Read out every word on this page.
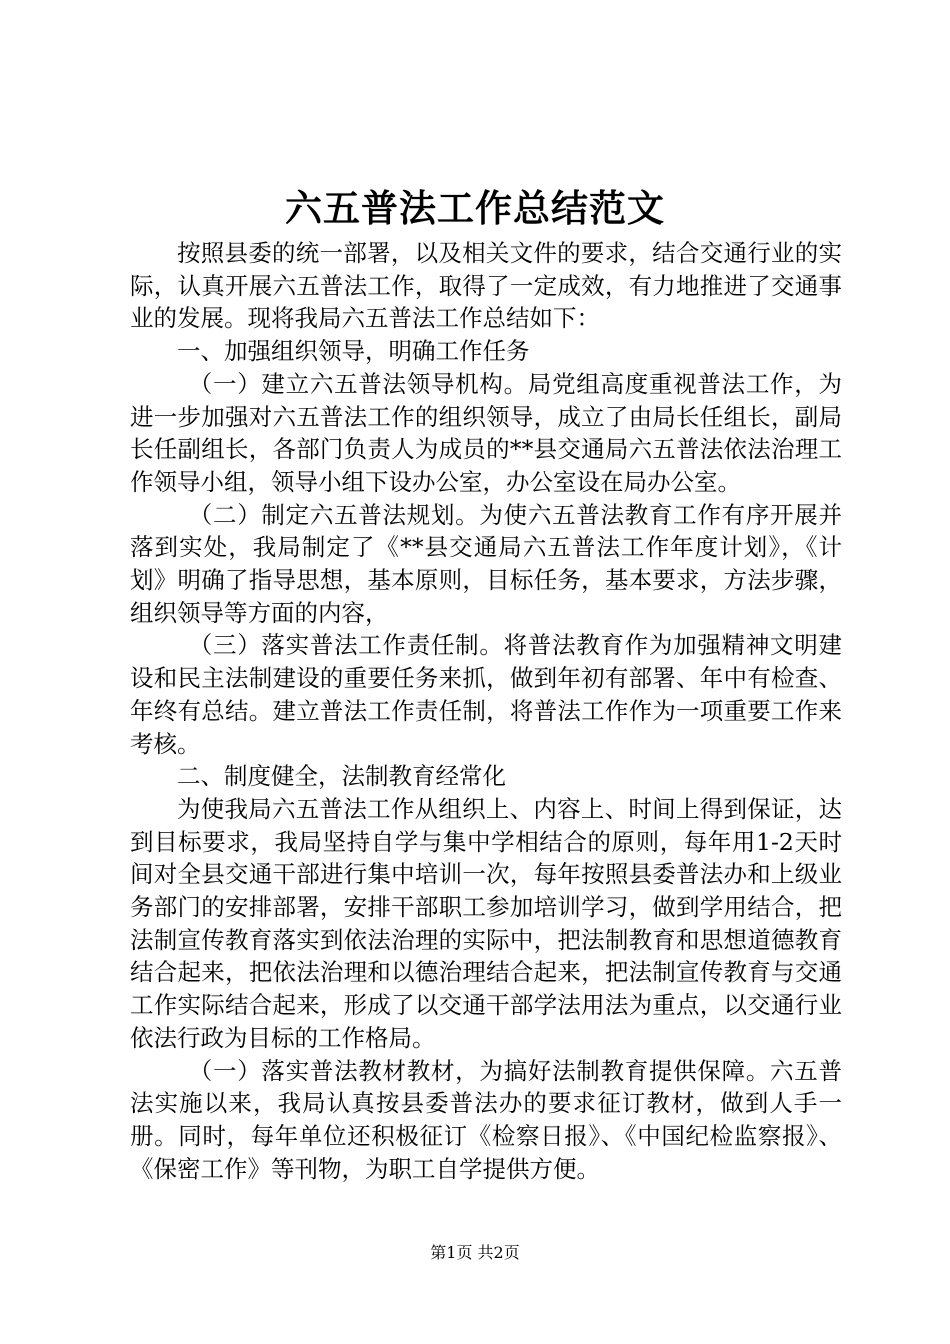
六五普法工作总结范文

按照县委的统一部署，以及相关文件的要求，结合交通行业的实际，认真开展六五普法工作，取得了一定成效，有力地推进了交通事业的发展。现将我局六五普法工作总结如下：

一、加强组织领导，明确工作任务

（一）建立六五普法领导机构。局党组高度重视普法工作，为进一步加强对六五普法工作的组织领导，成立了由局长任组长，副局长任副组长，各部门负责人为成员的**县交通局六五普法依法治理工作领导小组，领导小组下设办公室，办公室设在局办公室。

（二）制定六五普法规划。为使六五普法教育工作有序开展并落到实处，我局制定了《**县交通局六五普法工作年度计划》，《计划》明确了指导思想，基本原则，目标任务，基本要求，方法步骤，组织领导等方面的内容，

（三）落实普法工作责任制。将普法教育作为加强精神文明建设和民主法制建设的重要任务来抓，做到年初有部署、年中有检查、年终有总结。建立普法工作责任制，将普法工作作为一项重要工作来考核。

二、制度健全，法制教育经常化

为使我局六五普法工作从组织上、内容上、时间上得到保证，达到目标要求，我局坚持自学与集中学相结合的原则，每年用1-2天时间对全县交通干部进行集中培训一次，每年按照县委普法办和上级业务部门的安排部署，安排干部职工参加培训学习，做到学用结合，把法制宣传教育落实到依法治理的实际中，把法制教育和思想道德教育结合起来，把依法治理和以德治理结合起来，把法制宣传教育与交通工作实际结合起来，形成了以交通干部学法用法为重点，以交通行业依法行政为目标的工作格局。

（一）落实普法教材教材，为搞好法制教育提供保障。六五普法实施以来，我局认真按县委普法办的要求征订教材，做到人手一册。同时，每年单位还积极征订《检察日报》、《中国纪检监察报》、《保密工作》等刊物，为职工自学提供方便。

第1页 共2页
